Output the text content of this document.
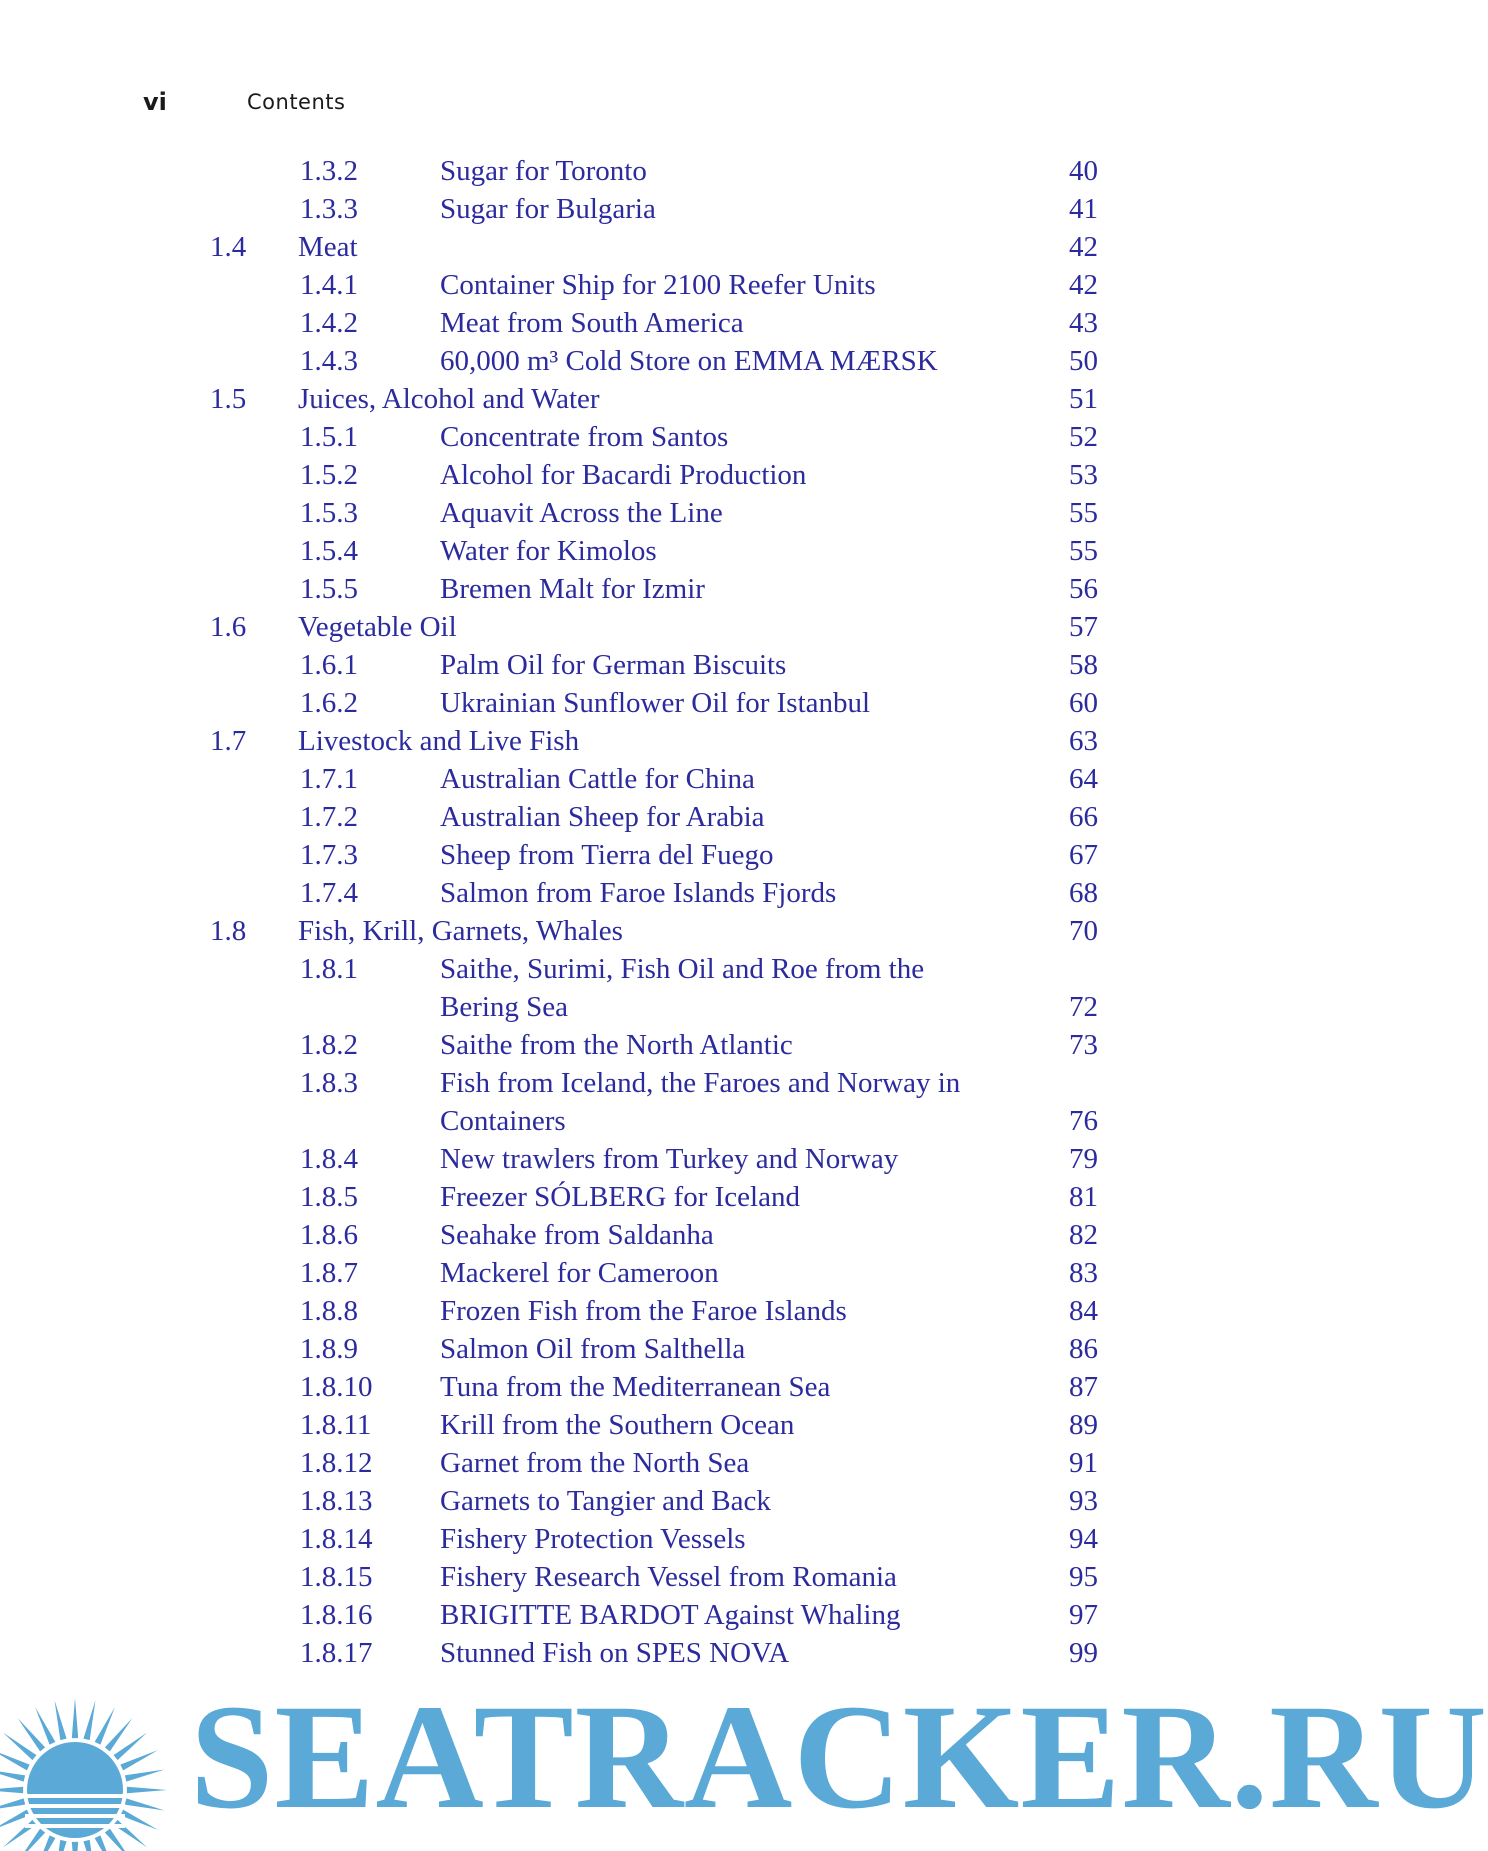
vi	Contents
1.3.2	Sugar for Toronto	40
1.3.3	Sugar for Bulgaria	41
1.4 Meat	42
1.4.1	Container Ship for 2100 Reefer Units	42
1.4.2	Meat from South America	43
1.4.3	60,000 m³ Cold Store on EMMA MÆRSK	50
1.5 Juices, Alcohol and Water	51
1.5.1	Concentrate from Santos	52
1.5.2	Alcohol for Bacardi Production	53
1.5.3	Aquavit Across the Line	55
1.5.4	Water for Kimolos	55
1.5.5	Bremen Malt for Izmir	56
1.6 Vegetable Oil	57
1.6.1	Palm Oil for German Biscuits	58
1.6.2	Ukrainian Sunflower Oil for Istanbul	60
1.7 Livestock and Live Fish	63
1.7.1	Australian Cattle for China	64
1.7.2	Australian Sheep for Arabia	66
1.7.3	Sheep from Tierra del Fuego	67
1.7.4	Salmon from Faroe Islands Fjords	68
1.8 Fish, Krill, Garnets, Whales	70
1.8.1	Saithe, Surimi, Fish Oil and Roe from the
Bering Sea	72
1.8.2	Saithe from the North Atlantic	73
1.8.3	Fish from Iceland, the Faroes and Norway in
Containers	76
1.8.4	New trawlers from Turkey and Norway	79
1.8.5	Freezer SÓLBERG for Iceland	81
1.8.6	Seahake from Saldanha	82
1.8.7	Mackerel for Cameroon	83
1.8.8	Frozen Fish from the Faroe Islands	84
1.8.9	Salmon Oil from Salthella	86
1.8.10 Tuna from the Mediterranean Sea	87
1.8.11 Krill from the Southern Ocean	89
1.8.12 Garnet from the North Sea	91
1.8.13 Garnets to Tangier and Back	93
1.8.14 Fishery Protection Vessels	94
1.8.15 Fishery Research Vessel from Romania	95
1.8.16 BRIGITTE BARDOT Against Whaling	97
1.8.17 Stunned Fish on SPES NOVA	99
SEATRACKER.RU
